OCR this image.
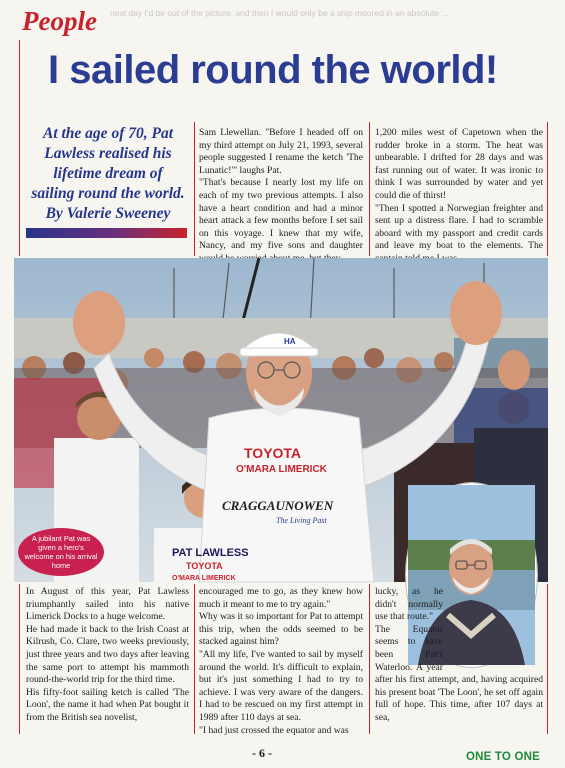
next day I'd be out of the picture, and then I would only be a ship moored in an absolute ...
People
I sailed round the world!
At the age of 70, Pat Lawless realised his lifetime dream of sailing round the world. By Valerie Sweeney

Sam Llewellan. "Before I headed off on my third attempt on July 21, 1993, several people suggested I rename the ketch 'The Lunatic!'" laughs Pat.

"That's because I nearly lost my life on each of my two previous attempts. I also have a heart condition and had a minor heart attack a few months before I set sail on this voyage. I knew that my wife, Nancy, and my five sons and daughter

1,200 miles west of Capetown when the rudder broke in a storm. The heat was unbearable. I drifted for 28 days and was fast running out of water. It was ironic to think I was surrounded by water and yet could die of thirst!

"Then I spotted a Norwegian freighter and sent up a distress flare. I had to scramble aboard with my passport and credit cards and leave my boat to the elements. The

HA
TOYOTA
O'MARA LIMERICK
CRAGGAUNOWEN
The Living Past
PAT LAWLESS
TOYOTA
O'MARA LIMERICK
A jubilant Pat was given a hero's welcome on his arrival home

In August of this year, Pat Lawless triumphantly sailed into his native Limerick Docks to a huge welcome.

He had made it back to the Irish Coast at Kilrush, Co. Clare, two weeks previously, just three years and two days after leaving the same port to attempt his mammoth round-the-world trip for the third time.

His fifty-foot sailing ketch is called 'The Loon', the name it had when Pat bought it from the British sea novelist,

encouraged me to go, as they knew how much it meant to me to try again."

Why was it so important for Pat to attempt this trip, when the odds seemed to be stacked against him?

"All my life, I've wanted to sail by myself around the world. It's difficult to explain, but it's just something I had to try to achieve. I was very aware of the dangers. I had to be rescued on my first attempt in 1989 after 110 days at sea.

"I had just crossed the equator and was

lucky, as he didn't normally use that route."

The Equator seems to have been Pat's Waterloo. A year after his first attempt, and, having acquired his present boat 'The Loon', he set off again full of hope. This time, after 107 days at sea,

- 6 -	ONE TO ONE
